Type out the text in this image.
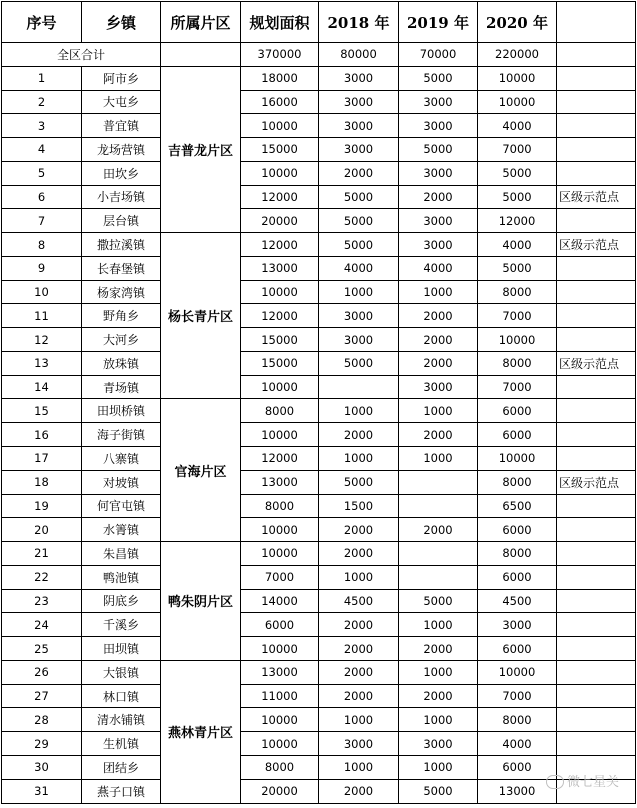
序号	乡镇	所属片区	规划面积	2018 年	2019 年	2020 年	
全区合计			370000	80000	70000	220000	
1	阿市乡	吉普龙片区	18000	3000	5000	10000	
2	大屯乡		16000	3000	3000	10000	
3	普宜镇		10000	3000	3000	4000	
4	龙场营镇		15000	3000	5000	7000	
5	田坎乡		10000	2000	3000	5000	
6	小吉场镇		12000	5000	2000	5000	区级示范点
7	层台镇		20000	5000	3000	12000	
8	撒拉溪镇	杨长青片区	12000	5000	3000	4000	区级示范点
9	长春堡镇		13000	4000	4000	5000	
10	杨家湾镇		10000	1000	1000	8000	
11	野角乡		12000	3000	2000	7000	
12	大河乡		15000	3000	2000	10000	
13	放珠镇		15000	5000	2000	8000	区级示范点
14	青场镇		10000		3000	7000	
15	田坝桥镇	官海片区	8000	1000	1000	6000	
16	海子街镇		10000	2000	2000	6000	
17	八寨镇		12000	1000	1000	10000	
18	对坡镇		13000	5000		8000	区级示范点
19	何官屯镇		8000	1500		6500	
20	水箐镇		10000	2000	2000	6000	
21	朱昌镇	鸭朱阴片区	10000	2000		8000	
22	鸭池镇		7000	1000		6000	
23	阴底乡		14000	4500	5000	4500	
24	千溪乡		6000	2000	1000	3000	
25	田坝镇		10000	2000	2000	6000	
26	大银镇	燕林青片区	13000	2000	1000	10000	
27	林口镇		11000	2000	2000	7000	
28	清水铺镇		10000	1000	1000	8000	
29	生机镇		10000	3000	3000	4000	
30	团结乡		8000	1000	1000	6000	
31	燕子口镇		20000	2000	5000	13000	
微七星关
